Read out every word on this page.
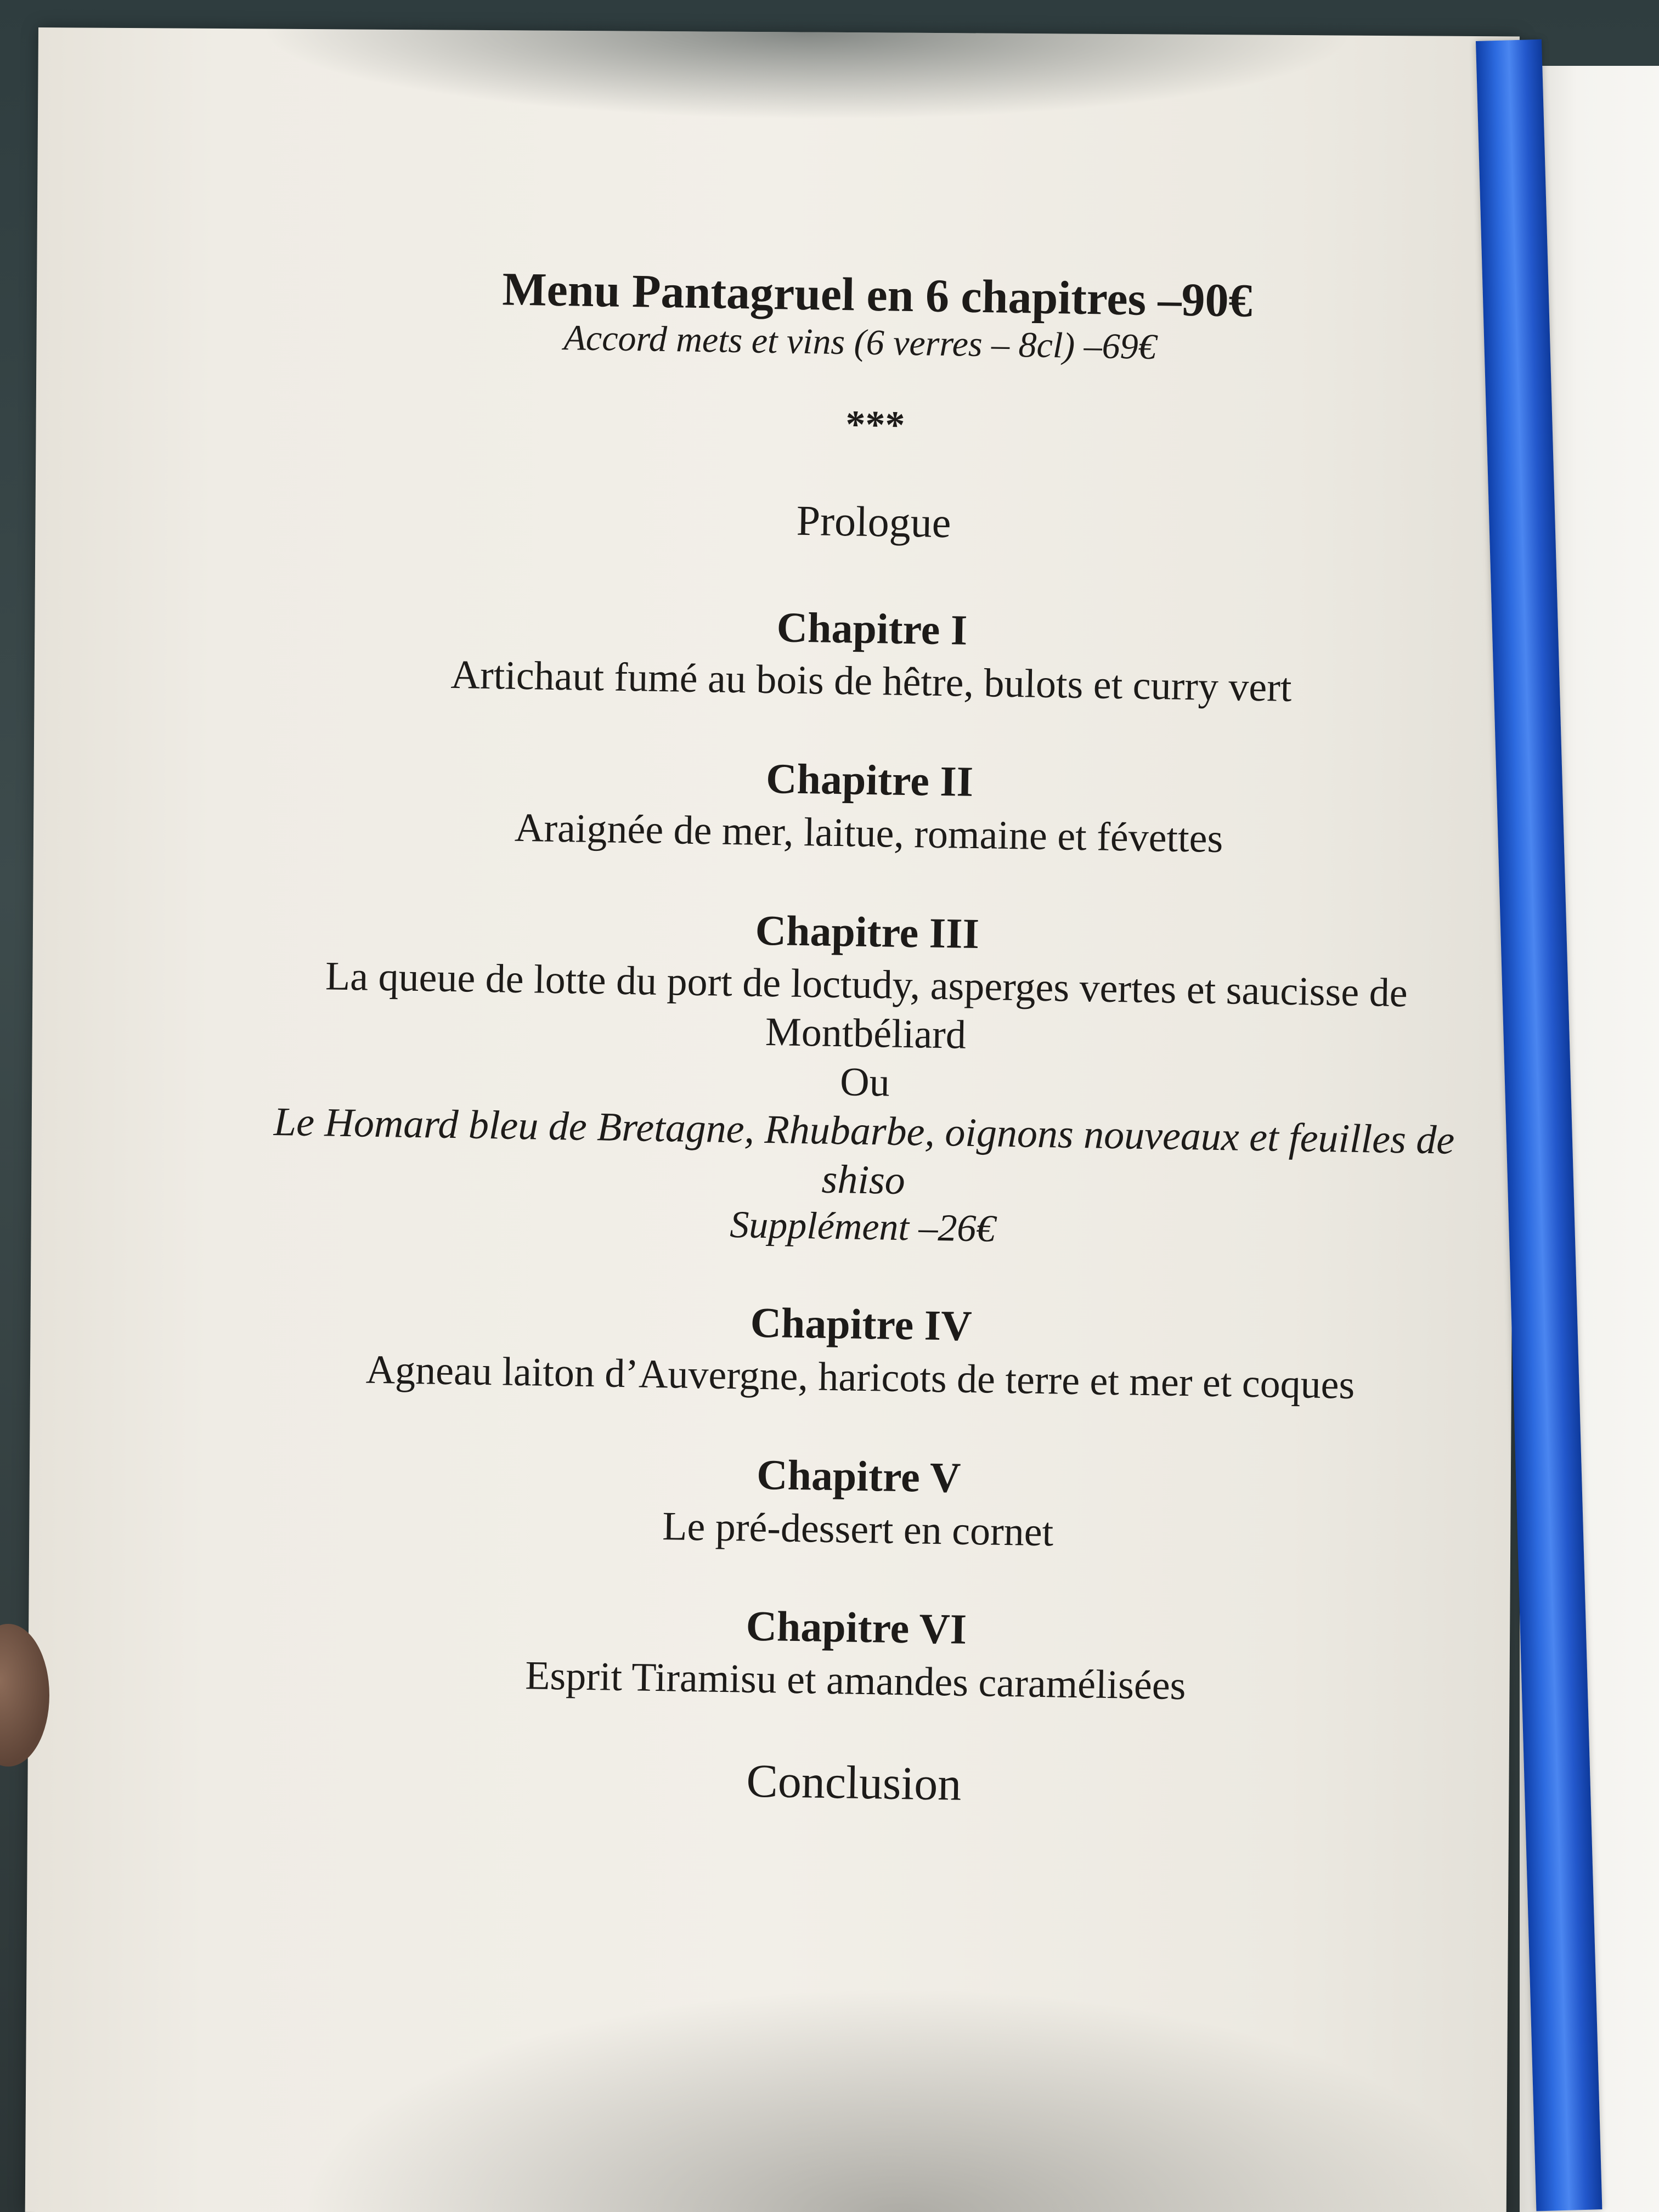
Menu Pantagruel en 6 chapitres –90€

Accord mets et vins (6 verres – 8cl) –69€

***

Prologue

Chapitre I

Artichaut fumé au bois de hêtre, bulots et curry vert

Chapitre II

Araignée de mer, laitue, romaine et févettes

Chapitre III

La queue de lotte du port de loctudy, asperges vertes et saucisse de Montbéliard

Ou

Le Homard bleu de Bretagne, Rhubarbe, oignons nouveaux et feuilles de shiso

Supplément –26€

Chapitre IV

Agneau laiton d’Auvergne, haricots de terre et mer et coques

Chapitre V

Le pré-dessert en cornet

Chapitre VI

Esprit Tiramisu et amandes caramélisées

Conclusion
